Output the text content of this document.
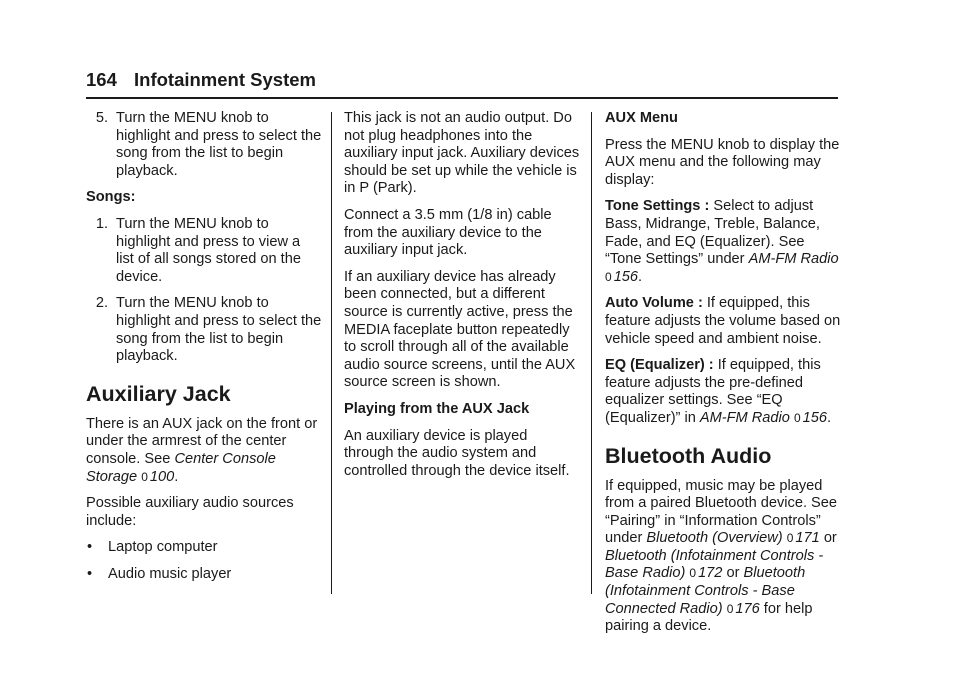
164 Infotainment System
5. Turn the MENU knob to highlight and press to select the song from the list to begin playback.

Songs:

1. Turn the MENU knob to highlight and press to view a list of all songs stored on the device.
2. Turn the MENU knob to highlight and press to select the song from the list to begin playback.
Auxiliary Jack

There is an AUX jack on the front or under the armrest of the center console. See Center Console Storage 0 100.

Possible auxiliary audio sources include:

• Laptop computer
• Audio music player

This jack is not an audio output. Do not plug headphones into the auxiliary input jack. Auxiliary devices should be set up while the vehicle is in P (Park).

Connect a 3.5 mm (1/8 in) cable from the auxiliary device to the auxiliary input jack.

If an auxiliary device has already been connected, but a different source is currently active, press the MEDIA faceplate button repeatedly to scroll through all of the available audio source screens, until the AUX source screen is shown.

Playing from the AUX Jack

An auxiliary device is played through the audio system and controlled through the device itself.

AUX Menu

Press the MENU knob to display the AUX menu and the following may display:

Tone Settings : Select to adjust Bass, Midrange, Treble, Balance, Fade, and EQ (Equalizer). See “Tone Settings” under AM-FM Radio 0 156.

Auto Volume : If equipped, this feature adjusts the volume based on vehicle speed and ambient noise.

EQ (Equalizer) : If equipped, this feature adjusts the pre-defined equalizer settings. See “EQ (Equalizer)” in AM-FM Radio 0 156.

Bluetooth Audio

If equipped, music may be played from a paired Bluetooth device. See “Pairing” in “Information Controls” under Bluetooth (Overview) 0 171 or Bluetooth (Infotainment Controls - Base Radio) 0 172 or Bluetooth (Infotainment Controls - Base Connected Radio) 0 176 for help pairing a device.
